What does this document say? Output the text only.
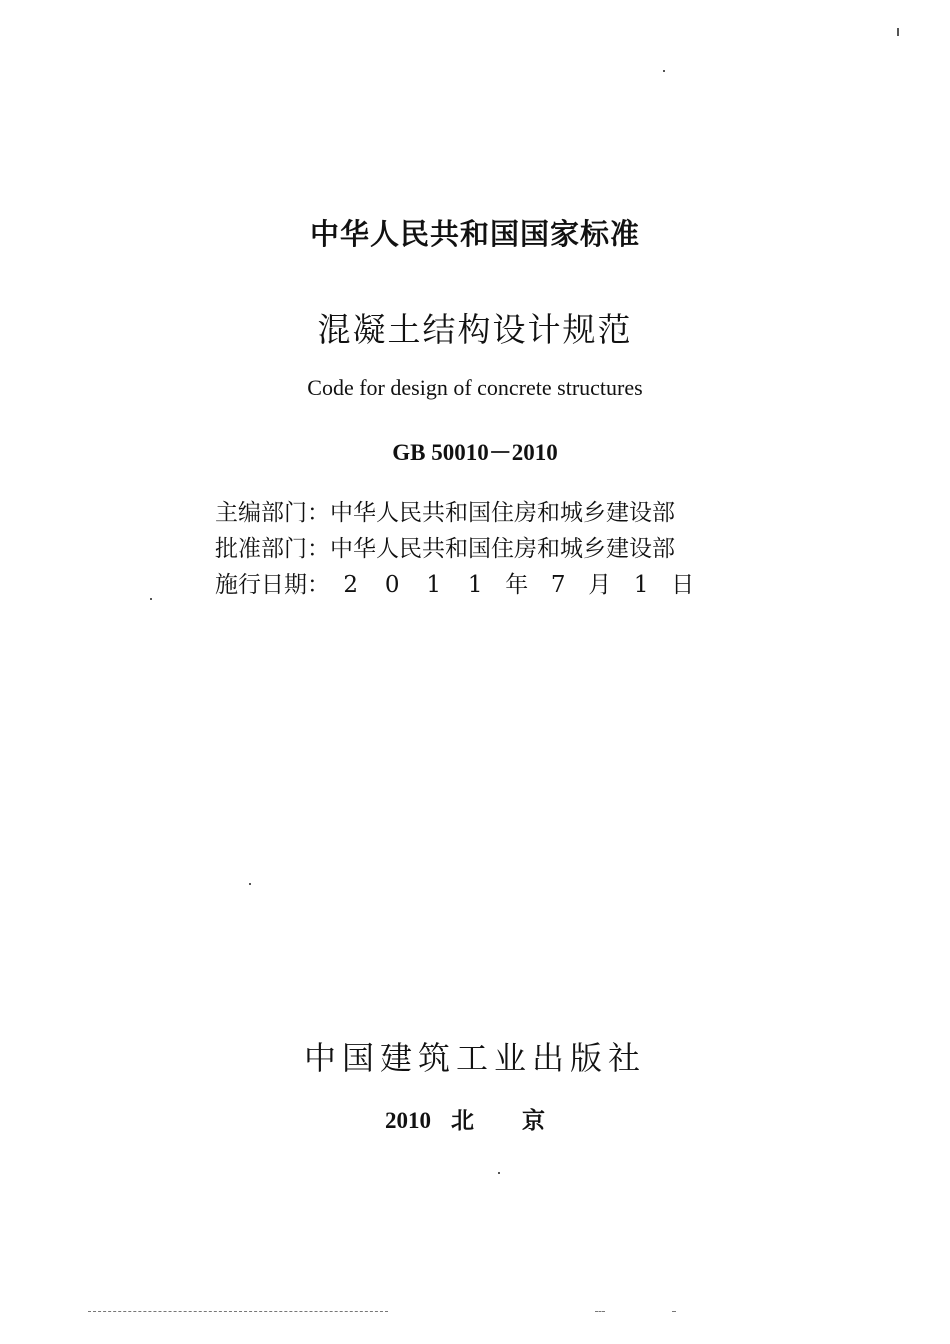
中华人民共和国国家标准
混凝土结构设计规范
Code for design of concrete structures
GB 50010－2010
主编部门：中华人民共和国住房和城乡建设部
批准部门：中华人民共和国住房和城乡建设部
施行日期： 2 0 1 1 年 7 月 1 日
中国建筑工业出版社
2010 北 京
